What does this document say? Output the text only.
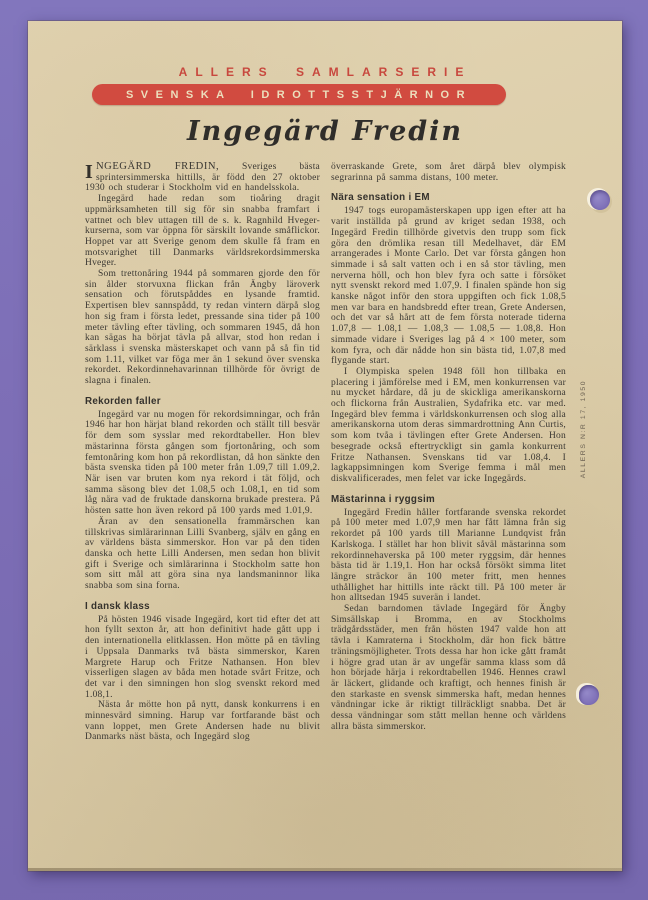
ALLERS SAMLARSERIE
SVENSKA IDROTTSSTJÄRNOR
Ingegärd Fredin

INGEGÄRD FREDIN, Sveriges bästa sprintersimmerska hittills, är född den 27 oktober 1930 och studerar i Stockholm vid en handelsskola.

Ingegärd hade redan som tioåring dragit uppmärksamheten till sig för sin snabba framfart i vattnet och blev uttagen till de s. k. Ragnhild Hveger-kurserna, som var öppna för särskilt lovande småflickor. Hoppet var att Sverige genom dem skulle få fram en motsvarighet till Danmarks världsrekordsimmerska Hveger.

Som trettonåring 1944 på sommaren gjorde den för sin ålder storvuxna flickan från Ängby läroverk sensation och förutspåddes en lysande framtid. Expertisen blev sannspådd, ty redan vintern därpå slog hon sig fram i första ledet, pressande sina tider på 100 meter tävling efter tävling, och sommaren 1945, då hon kan sägas ha börjat tävla på allvar, stod hon redan i särklass i svenska mästerskapet och vann på så fin tid som 1.11, vilket var föga mer än 1 sekund över svenska rekordet. Rekordinnehavarinnan tillhörde för övrigt de slagna i finalen.

Rekorden faller

Ingegärd var nu mogen för rekordsimningar, och från 1946 har hon härjat bland rekorden och ställt till besvär för dem som sysslar med rekordtabeller. Hon blev mästarinna första gången som fjortonåring, och som femtonåring kom hon på rekordlistan, då hon sänkte den bästa svenska tiden på 100 meter från 1.09,7 till 1.09,2. När isen var bruten kom nya rekord i tät följd, och samma säsong blev det 1.08,5 och 1.08,1, en tid som låg nära vad de fruktade danskorna brukade prestera. På hösten satte hon även rekord på 100 yards med 1.01,9.

Äran av den sensationella frammärschen kan tillskrivas simlärarinnan Lilli Svanberg, själv en gång en av världens bästa simmerskor. Hon var på den tiden danska och hette Lilli Andersen, men sedan hon blivit gift i Sverige och simlärarinna i Stockholm satte hon som sitt mål att göra sina nya landsmaninnor lika snabba som sina forna.

I dansk klass

På hösten 1946 visade Ingegärd, kort tid efter det att hon fyllt sexton år, att hon definitivt hade gått upp i den internationella elitklassen. Hon mötte på en tävling i Uppsala Danmarks två bästa simmerskor, Karen Margrete Harup och Fritze Nathansen. Hon blev visserligen slagen av båda men hotade svårt Fritze, och det var i den simningen hon slog svenskt rekord med 1.08,1.

Nästa år mötte hon på nytt, dansk konkurrens i en minnesvärd simning. Harup var fortfarande bäst och vann loppet, men Grete Andersen hade nu blivit Danmarks näst bästa, och Ingegärd slog

överraskande Grete, som året därpå blev olympisk segrarinna på samma distans, 100 meter.

Nära sensation i EM

1947 togs europamästerskapen upp igen efter att ha varit inställda på grund av kriget sedan 1938, och Ingegärd Fredin tillhörde givetvis den trupp som fick göra den drömlika resan till Medelhavet, där EM arrangerades i Monte Carlo. Det var första gången hon simmade i så salt vatten och i en så stor tävling, men nerverna höll, och hon blev fyra och satte i försöket nytt svenskt rekord med 1.07,9. I finalen spände hon sig kanske något inför den stora uppgiften och fick 1.08,5 men var bara en handsbredd efter trean, Grete Andersen, och det var så hårt att de fem första noterade tiderna 1.07,8 — 1.08,1 — 1.08,3 — 1.08,5 — 1.08,8. Hon simmade vidare i Sveriges lag på 4 × 100 meter, som kom fyra, och där nådde hon sin bästa tid, 1.07,8 med flygande start.

I Olympiska spelen 1948 föll hon tillbaka en placering i jämförelse med i EM, men konkurrensen var nu mycket hårdare, då ju de skickliga amerikanskorna och flickorna från Australien, Sydafrika etc. var med. Ingegärd blev femma i världskonkurrensen och slog alla amerikanskorna utom deras simmardrottning Ann Curtis, som kom tvåa i tävlingen efter Grete Andersen. Hon besegrade också eftertryckligt sin gamla konkurrent Fritze Nathansen. Svenskans tid var 1.08,4. I lagkappsimningen kom Sverige femma i mål men diskvalificerades, men felet var icke Ingegärds.

Mästarinna i ryggsim

Ingegärd Fredin håller fortfarande svenska rekordet på 100 meter med 1.07,9 men har fått lämna från sig rekordet på 100 yards till Marianne Lundqvist från Karlskoga. I stället har hon blivit såväl mästarinna som rekordinnehaverska på 100 meter ryggsim, där hennes bästa tid är 1.19,1. Hon har också försökt simma litet längre sträckor än 100 meter fritt, men hennes uthållighet har hittills inte räckt till. På 100 meter är hon alltsedan 1945 suverän i landet.

Sedan barndomen tävlade Ingegärd för Ängby Simsällskap i Bromma, en av Stockholms trädgårdsstäder, men från hösten 1947 valde hon att tävla i Kamraterna i Stockholm, där hon fick bättre träningsmöjligheter. Trots dessa har hon icke gått framåt i högre grad utan är av ungefär samma klass som då hon började härja i rekordtabellen 1946. Hennes crawl är läckert, glidande och kraftigt, och hennes finish är den starkaste en svensk simmerska haft, medan hennes vändningar icke är riktigt tillräckligt snabba. Det är dessa vändningar som stått mellan henne och världens allra bästa simmerskor.

ALLERS N:R 17, 1950
